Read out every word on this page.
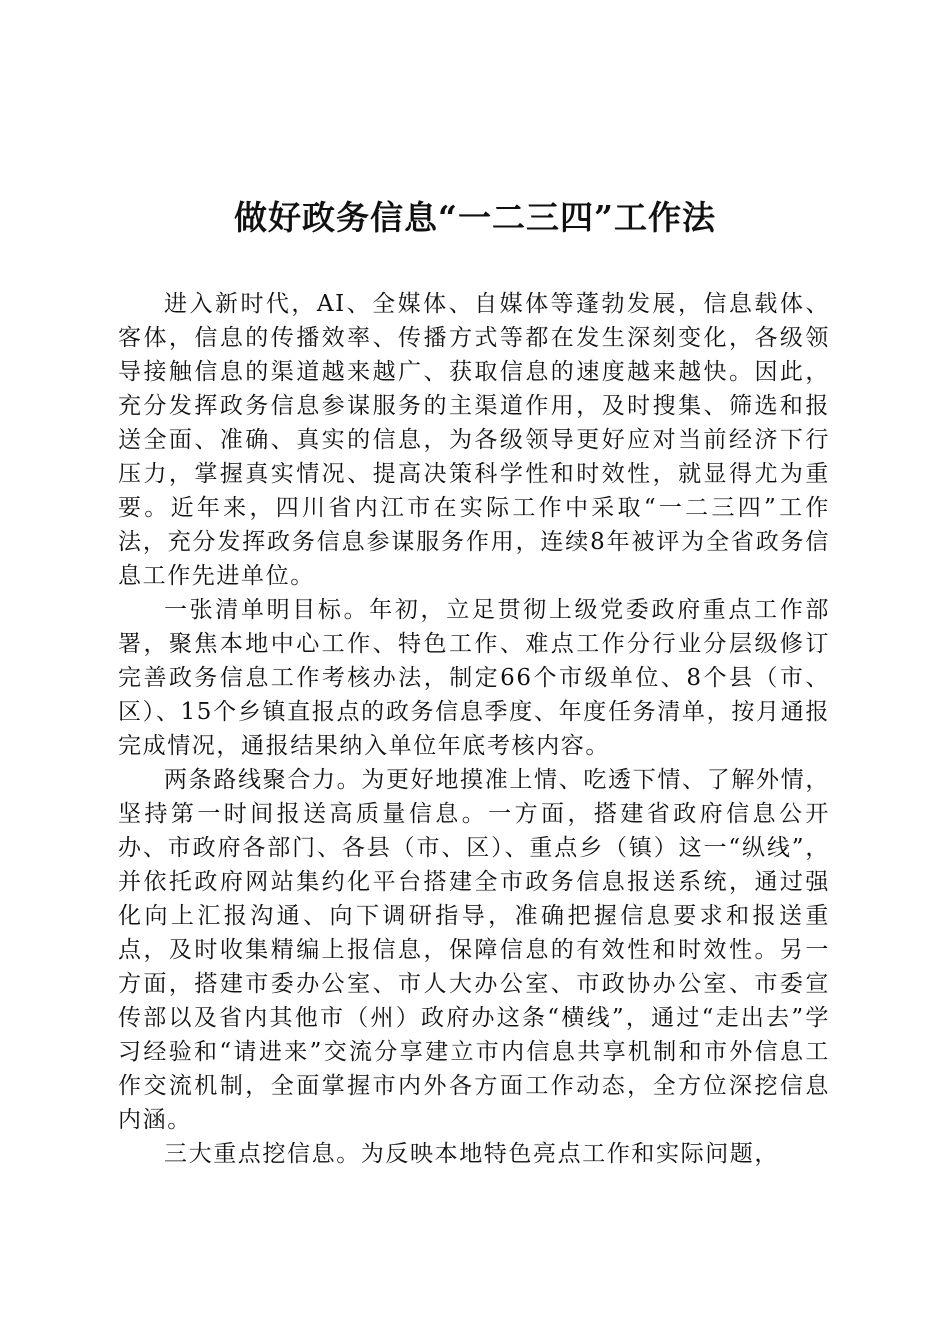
做好政务信息“一二三四”工作法

进入新时代，AI、全媒体、自媒体等蓬勃发展，信息载体、客体，信息的传播效率、传播方式等都在发生深刻变化，各级领导接触信息的渠道越来越广、获取信息的速度越来越快。因此，充分发挥政务信息参谋服务的主渠道作用，及时搜集、筛选和报送全面、准确、真实的信息，为各级领导更好应对当前经济下行压力，掌握真实情况、提高决策科学性和时效性，就显得尤为重要。近年来，四川省内江市在实际工作中采取“一二三四”工作法，充分发挥政务信息参谋服务作用，连续8年被评为全省政务信息工作先进单位。

一张清单明目标。年初，立足贯彻上级党委政府重点工作部署，聚焦本地中心工作、特色工作、难点工作分行业分层级修订完善政务信息工作考核办法，制定66个市级单位、8个县（市、区）、15个乡镇直报点的政务信息季度、年度任务清单，按月通报完成情况，通报结果纳入单位年底考核内容。

两条路线聚合力。为更好地摸准上情、吃透下情、了解外情，坚持第一时间报送高质量信息。一方面，搭建省政府信息公开办、市政府各部门、各县（市、区）、重点乡（镇）这一“纵线”，并依托政府网站集约化平台搭建全市政务信息报送系统，通过强化向上汇报沟通、向下调研指导，准确把握信息要求和报送重点，及时收集精编上报信息，保障信息的有效性和时效性。另一方面，搭建市委办公室、市人大办公室、市政协办公室、市委宣传部以及省内其他市（州）政府办这条“横线”，通过“走出去”学习经验和“请进来”交流分享建立市内信息共享机制和市外信息工作交流机制，全面掌握市内外各方面工作动态，全方位深挖信息内涵。

三大重点挖信息。为反映本地特色亮点工作和实际问题，
